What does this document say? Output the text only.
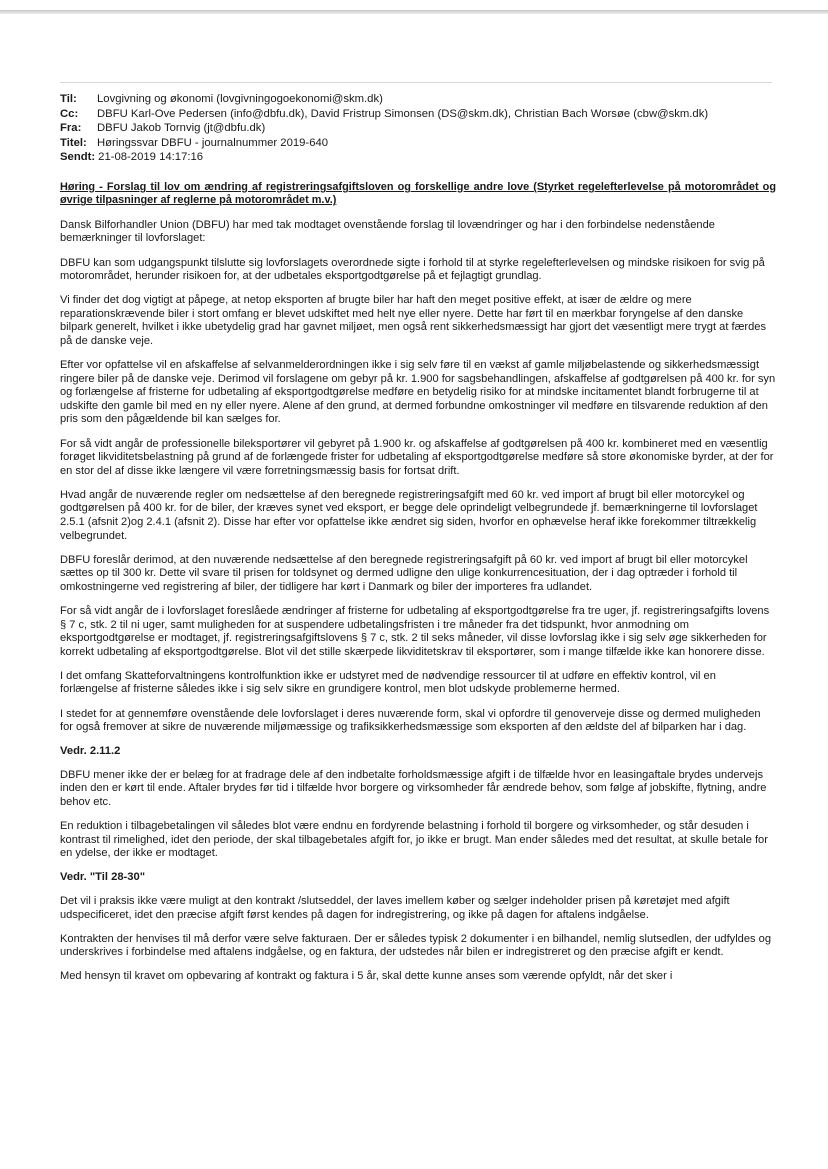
Til:	Lovgivning og økonomi (lovgivningogoekonomi@skm.dk)
Cc:	DBFU Karl-Ove Pedersen (info@dbfu.dk), David Fristrup Simonsen (DS@skm.dk), Christian Bach Worsøe (cbw@skm.dk)
Fra:	DBFU Jakob Tornvig (jt@dbfu.dk)
Titel: Høringssvar DBFU - journalnummer 2019-640
Sendt: 21-08-2019 14:17:16
Høring - Forslag til lov om ændring af registreringsafgiftsloven og forskellige andre love (Styrket regelefterlevelse på motorområdet og øvrige tilpasninger af reglerne på motorområdet m.v.)

Dansk Bilforhandler Union (DBFU) har med tak modtaget ovenstående forslag til lovændringer og har i den forbindelse nedenstående bemærkninger til lovforslaget:

DBFU kan som udgangspunkt tilslutte sig lovforslagets overordnede sigte i forhold til at styrke regelefterlevelsen og mindske risikoen for svig på motorområdet, herunder risikoen for, at der udbetales eksportgodtgørelse på et fejlagtigt grundlag.

Vi finder det dog vigtigt at påpege, at netop eksporten af brugte biler har haft den meget positive effekt, at især de ældre og mere reparationskrævende biler i stort omfang er blevet udskiftet med helt nye eller nyere. Dette har ført til en mærkbar foryngelse af den danske bilpark generelt, hvilket i ikke ubetydelig grad har gavnet miljøet, men også rent sikkerhedsmæssigt har gjort det væsentligt mere trygt at færdes på de danske veje.

Efter vor opfattelse vil en afskaffelse af selvanmelderordningen ikke i sig selv føre til en vækst af gamle miljøbelastende og sikkerhedsmæssigt ringere biler på de danske veje. Derimod vil forslagene om gebyr på kr. 1.900 for sagsbehandlingen, afskaffelse af godtgørelsen på 400 kr. for syn og forlængelse af fristerne for udbetaling af eksportgodtgørelse medføre en betydelig risiko for at mindske incitamentet blandt forbrugerne til at udskifte den gamle bil med en ny eller nyere. Alene af den grund, at dermed forbundne omkostninger vil medføre en tilsvarende reduktion af den pris som den pågældende bil kan sælges for.

For så vidt angår de professionelle bileksportører vil gebyret på 1.900 kr. og afskaffelse af godtgørelsen på 400 kr. kombineret med en væsentlig forøget likviditetsbelastning på grund af de forlængede frister for udbetaling af eksportgodtgørelse medføre så store økonomiske byrder, at der for en stor del af disse ikke længere vil være forretningsmæssig basis for fortsat drift.

Hvad angår de nuværende regler om nedsættelse af den beregnede registreringsafgift med 60 kr. ved import af brugt bil eller motorcykel og godtgørelsen på 400 kr. for de biler, der kræves synet ved eksport, er begge dele oprindeligt velbegrundede jf. bemærkningerne til lovforslaget 2.5.1 (afsnit 2)og 2.4.1 (afsnit 2). Disse har efter vor opfattelse ikke ændret sig siden, hvorfor en ophævelse heraf ikke forekommer tiltrækkelig velbegrundet.

DBFU foreslår derimod, at den nuværende nedsættelse af den beregnede registreringsafgift på 60 kr. ved import af brugt bil eller motorcykel sættes op til 300 kr. Dette vil svare til prisen for toldsynet og dermed udligne den ulige konkurrencesituation, der i dag optræder i forhold til omkostningerne ved registrering af biler, der tidligere har kørt i Danmark og biler der importeres fra udlandet.

For så vidt angår de i lovforslaget foreslåede ændringer af fristerne for udbetaling af eksportgodtgørelse fra tre uger, jf. registreringsafgifts lovens § 7 c, stk. 2 til ni uger, samt muligheden for at suspendere udbetalingsfristen i tre måneder fra det tidspunkt, hvor anmodning om eksportgodtgørelse er modtaget, jf. registreringsafgiftslovens § 7 c, stk. 2 til seks måneder, vil disse lovforslag ikke i sig selv øge sikkerheden for korrekt udbetaling af eksportgodtgørelse. Blot vil det stille skærpede likviditetskrav til eksportører, som i mange tilfælde ikke kan honorere disse.

I det omfang Skatteforvaltningens kontrolfunktion ikke er udstyret med de nødvendige ressourcer til at udføre en effektiv kontrol, vil en forlængelse af fristerne således ikke i sig selv sikre en grundigere kontrol, men blot udskyde problemerne hermed.

I stedet for at gennemføre ovenstående dele lovforslaget i deres nuværende form, skal vi opfordre til genoverveje disse og dermed muligheden for også fremover at sikre de nuværende miljømæssige og trafiksikkerhedsmæssige som eksporten af den ældste del af bilparken har i dag.

Vedr. 2.11.2

DBFU mener ikke der er belæg for at fradrage dele af den indbetalte forholdsmæssige afgift i de tilfælde hvor en leasingaftale brydes undervejs inden den er kørt til ende. Aftaler brydes før tid i tilfælde hvor borgere og virksomheder får ændrede behov, som følge af jobskifte, flytning, andre behov etc.

En reduktion i tilbagebetalingen vil således blot være endnu en fordyrende belastning i forhold til borgere og virksomheder, og står desuden i kontrast til rimelighed, idet den periode, der skal tilbagebetales afgift for, jo ikke er brugt. Man ender således med det resultat, at skulle betale for en ydelse, der ikke er modtaget.

Vedr. "Til 28-30"

Det vil i praksis ikke være muligt at den kontrakt /slutseddel, der laves imellem køber og sælger indeholder prisen på køretøjet med afgift udspecificeret, idet den præcise afgift først kendes på dagen for indregistrering, og ikke på dagen for aftalens indgåelse.

Kontrakten der henvises til må derfor være selve fakturaen. Der er således typisk 2 dokumenter i en bilhandel, nemlig slutsedlen, der udfyldes og underskrives i forbindelse med aftalens indgåelse, og en faktura, der udstedes når bilen er indregistreret og den præcise afgift er kendt.

Med hensyn til kravet om opbevaring af kontrakt og faktura i 5 år, skal dette kunne anses som værende opfyldt, når det sker i
